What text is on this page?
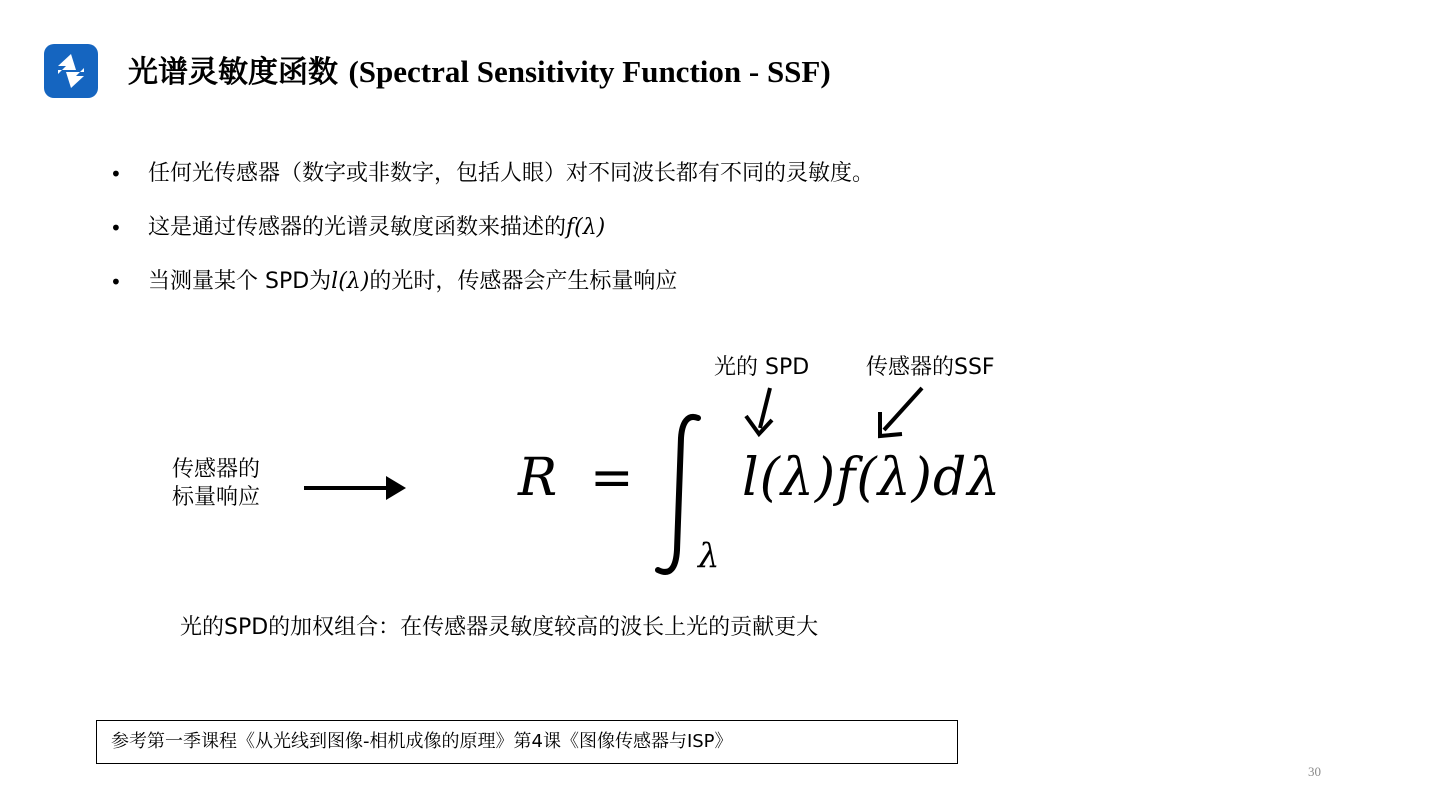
光谱灵敏度函数 (Spectral Sensitivity Function - SSF)
• 任何光传感器（数字或非数字，包括人眼）对不同波长都有不同的灵敏度。
• 这是通过传感器的光谱灵敏度函数来描述的f(λ)
• 当测量某个 SPD为l(λ)的光时，传感器会产生标量响应
传感器的
标量响应
光的 SPD	传感器的SSF
R = l(λ)f(λ)dλ
λ
光的SPD的加权组合：在传感器灵敏度较高的波长上光的贡献更大
参考第一季课程《从光线到图像-相机成像的原理》第4课《图像传感器与ISP》
30
